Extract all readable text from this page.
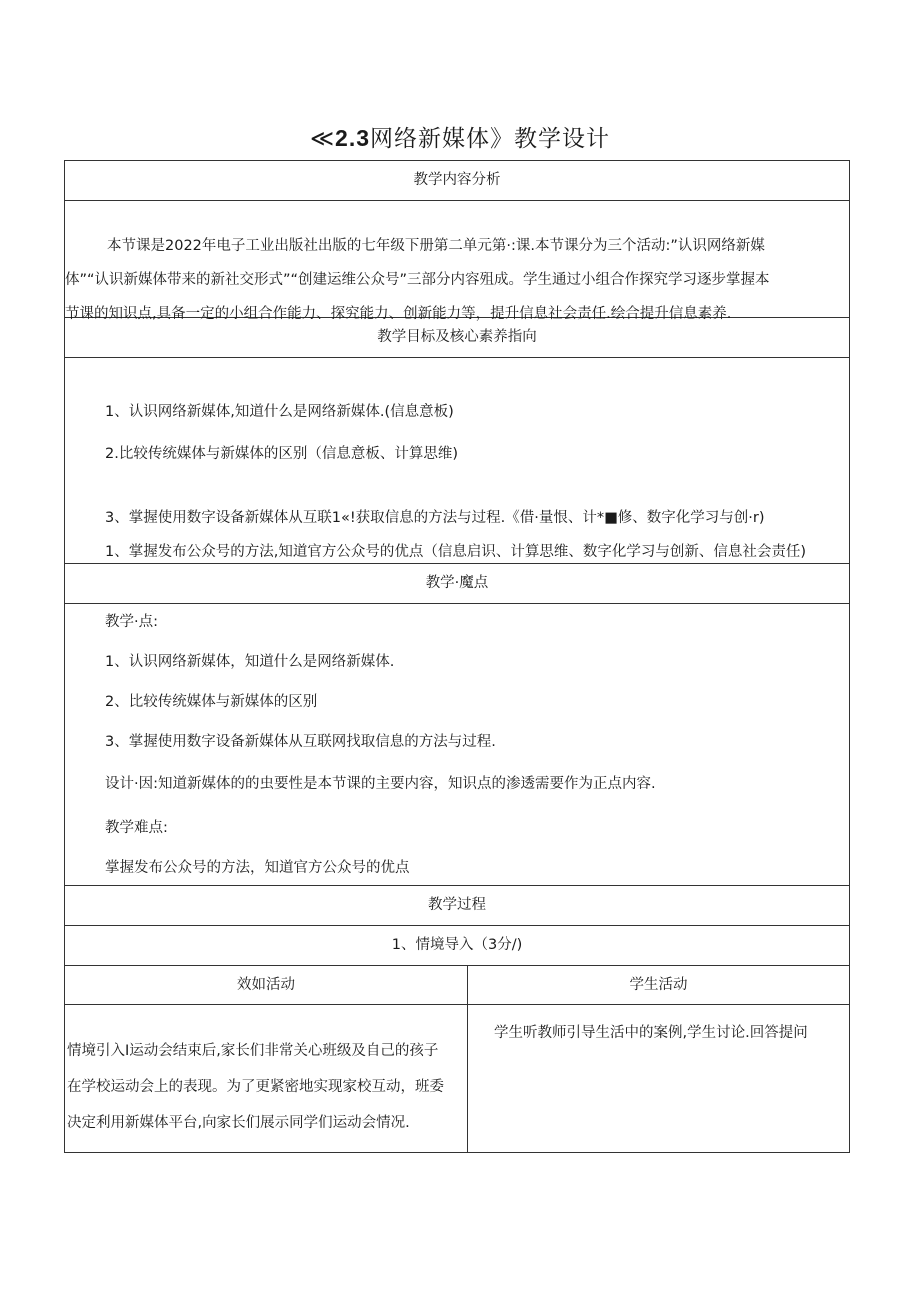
≪2.3网络新媒体》教学设计
教学内容分析

本节课是2022年电子工业出版社出版的七年级下册第二单元第·:课.本节课分为三个活动:”认识网络新媒

体”“认识新媒体带来的新社交形式”“创建运维公众号”三部分内容殂成。学生通过小组合作探究学习逐步掌握本

节课的知识点,具备一定的小组合作能力、探究能力、创新能力等，提升信息社会责任.绘合提升信息素养.

教学目标及核心素养指向
1、认识网络新媒体,知道什么是网络新媒体.(信息意板)
2.比较传统媒体与新媒体的区别（信息意板、计算思维)
3、掌握使用数字设备新媒体从互联1«!获取信息的方法与过程.《借·量恨、计*■修、数字化学习与创·r)
1、掌握发布公众号的方法,知道官方公众号的优点（信息启识、计算思维、数字化学习与创新、信息社会责任)
教学·魔点
教学·点:
1、认识网络新媒体，知道什么是网络新媒体.
2、比较传统媒体与新媒体的区别
3、掌握使用数字设备新媒体从互联网找取信息的方法与过程.
设计·因:知道新媒体的的虫要性是本节课的主要内容，知识点的渗透需要作为正点内容.
教学难点:
掌握发布公众号的方法，知道官方公众号的优点
教学过程
1、情境导入（3分/)
效如活动	学生活动
情境引入I运动会结束后,家长们非常关心班级及自己的孩子
在学校运动会上的表现。为了更紧密地实现家校互动，班委
决定利用新媒体平台,向家长们展示同学们运动会情况.
学生听教师引导生活中的案例,学生讨论.回答提问
